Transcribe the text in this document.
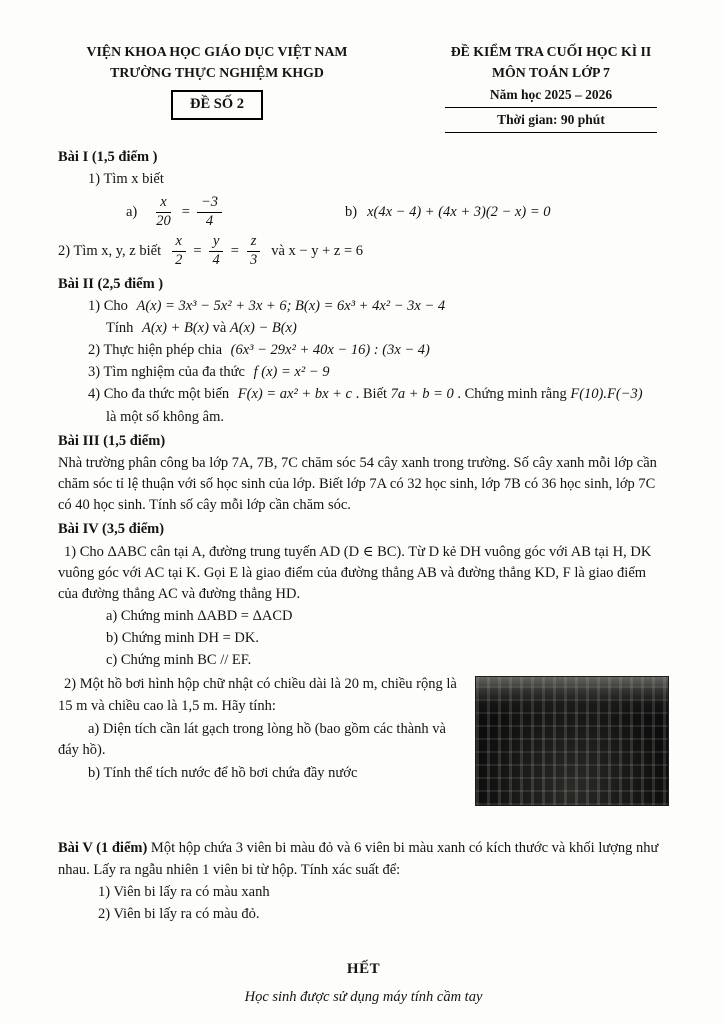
VIỆN KHOA HỌC GIÁO DỤC VIỆT NAM
TRƯỜNG THỰC NGHIỆM KHGD
ĐỀ SỐ 2
ĐỀ KIỂM TRA CUỐI HỌC KÌ II
MÔN TOÁN LỚP 7
Năm học 2025 – 2026
Thời gian: 90 phút
Bài I (1,5 điểm )
1) Tìm x biết
$a) \frac{x}{20} = \frac{-3}{4}$	b) x(4x − 4) + (4x + 3)(2 − x) = 0
2) Tìm x, y, z biết $\frac{x}{2} = \frac{y}{4} = \frac{z}{3}$ và x − y + z = 6
Bài II (2,5 điểm )
1) Cho A(x) = 3x³ − 5x² + 3x + 6; B(x) = 6x³ + 4x² − 3x − 4
Tính A(x) + B(x) và A(x) − B(x)
2) Thực hiện phép chia (6x³ − 29x² + 40x − 16) : (3x − 4)
3) Tìm nghiệm của đa thức f (x) = x² − 9
4) Cho đa thức một biến F(x) = ax² + bx + c . Biết 7a + b = 0 . Chứng minh rằng F(10).F(−3)
là một số không âm.
Bài III (1,5 điểm)

Nhà trường phân công ba lớp 7A, 7B, 7C chăm sóc 54 cây xanh trong trường. Số cây xanh mỗi lớp cần chăm sóc tỉ lệ thuận với số học sinh của lớp. Biết lớp 7A có 32 học sinh, lớp 7B có 36 học sinh, lớp 7C có 40 học sinh. Tính số cây mỗi lớp cần chăm sóc.

Bài IV (3,5 điểm)

1) Cho ΔABC cân tại A, đường trung tuyến AD (D ∈ BC). Từ D kẻ DH vuông góc với AB tại H, DK vuông góc với AC tại K. Gọi E là giao điểm của đường thẳng AB và đường thẳng KD, F là giao điểm của đường thẳng AC và đường thẳng HD.

a) Chứng minh ΔABD = ΔACD
b) Chứng minh DH = DK.
c) Chứng minh BC // EF.

2) Một hồ bơi hình hộp chữ nhật có chiều dài là 20 m, chiều rộng là 15 m và chiều cao là 1,5 m. Hãy tính:

a) Diện tích cần lát gạch trong lòng hồ (bao gồm các thành và đáy hồ).

b) Tính thể tích nước để hồ bơi chứa đầy nước

Bài V (1 điểm) Một hộp chứa 3 viên bi màu đỏ và 6 viên bi màu xanh có kích thước và khối lượng như nhau. Lấy ra ngẫu nhiên 1 viên bi từ hộp. Tính xác suất để:

1) Viên bi lấy ra có màu xanh
2) Viên bi lấy ra có màu đỏ.
HẾT
Học sinh được sử dụng máy tính cầm tay
